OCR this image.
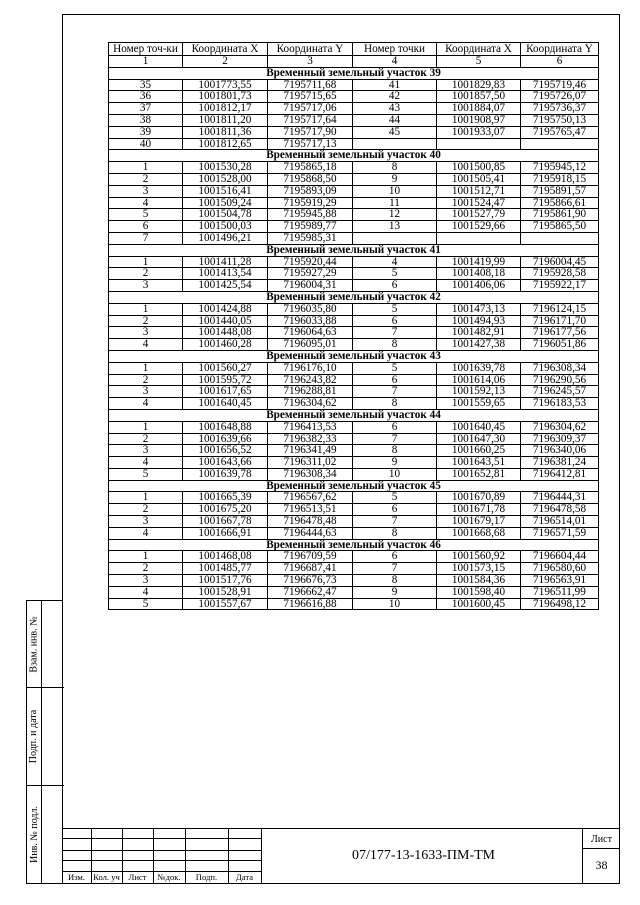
Взам. инв. №
Подп. и дата
Инв. № подл.
Номер точ-ки	Координата X	Координата Y	Номер точки	Координата X	Координата Y
1	2	3	4	5	6
Временный земельный участок 39					
35	1001773,55	7195711,68	41	1001829,83	7195719,46
36	1001801,73	7195715,65	42	1001857,50	7195726,07
37	1001812,17	7195717,06	43	1001884,07	7195736,37
38	1001811,20	7195717,64	44	1001908,97	7195750,13
39	1001811,36	7195717,90	45	1001933,07	7195765,47
40	1001812,65	7195717,13			
Временный земельный участок 40					
1	1001530,28	7195865,18	8	1001500,85	7195945,12
2	1001528,00	7195868,50	9	1001505,41	7195918,15
3	1001516,41	7195893,09	10	1001512,71	7195891,57
4	1001509,24	7195919,29	11	1001524,47	7195866,61
5	1001504,78	7195945,88	12	1001527,79	7195861,90
6	1001500,03	7195989,77	13	1001529,66	7195865,50
7	1001496,21	7195985,31			
Временный земельный участок 41					
1	1001411,28	7195920,44	4	1001419,99	7196004,45
2	1001413,54	7195927,29	5	1001408,18	7195928,58
3	1001425,54	7196004,31	6	1001406,06	7195922,17
Временный земельный участок 42					
1	1001424,88	7196035,80	5	1001473,13	7196124,15
2	1001440,05	7196033,88	6	1001494,93	7196171,70
3	1001448,08	7196064,63	7	1001482,91	7196177,56
4	1001460,28	7196095,01	8	1001427,38	7196051,86
Временный земельный участок 43					
1	1001560,27	7196176,10	5	1001639,78	7196308,34
2	1001595,72	7196243,82	6	1001614,06	7196290,56
3	1001617,65	7196288,81	7	1001592,13	7196245,57
4	1001640,45	7196304,62	8	1001559,65	7196183,53
Временный земельный участок 44					
1	1001648,88	7196413,53	6	1001640,45	7196304,62
2	1001639,66	7196382,33	7	1001647,30	7196309,37
3	1001656,52	7196341,49	8	1001660,25	7196340,06
4	1001643,66	7196311,02	9	1001643,51	7196381,24
5	1001639,78	7196308,34	10	1001652,81	7196412,81
Временный земельный участок 45					
1	1001665,39	7196567,62	5	1001670,89	7196444,31
2	1001675,20	7196513,51	6	1001671,78	7196478,58
3	1001667,78	7196478,48	7	1001679,17	7196514,01
4	1001666,91	7196444,63	8	1001668,68	7196571,59
Временный земельный участок 46					
1	1001468,08	7196709,59	6	1001560,92	7196604,44
2	1001485,77	7196687,41	7	1001573,15	7196580,60
3	1001517,76	7196676,73	8	1001584,36	7196563,91
4	1001528,91	7196662,47	9	1001598,40	7196511,99
5	1001557,67	7196616,88	10	1001600,45	7196498,12
Изм. Кол. уч	Лист	№док.	Подп.	Дата
07/177-13-1633-ПМ-ТМ
Лист
38
